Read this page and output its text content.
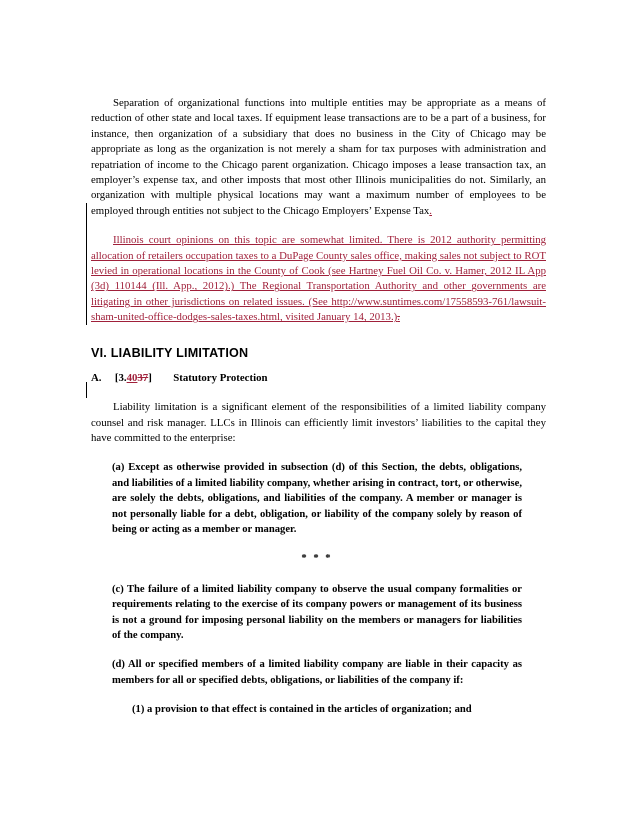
Separation of organizational functions into multiple entities may be appropriate as a means of reduction of other state and local taxes. If equipment lease transactions are to be a part of a business, for instance, then organization of a subsidiary that does no business in the City of Chicago may be appropriate as long as the organization is not merely a sham for tax purposes with administration and repatriation of income to the Chicago parent organization. Chicago imposes a lease transaction tax, an employer’s expense tax, and other imposts that most other Illinois municipalities do not. Similarly, an organization with multiple physical locations may want a maximum number of employees to be employed through entities not subject to the Chicago Employers’ Expense Tax.

Illinois court opinions on this topic are somewhat limited. There is 2012 authority permitting allocation of retailers occupation taxes to a DuPage County sales office, making sales not subject to ROT levied in operational locations in the County of Cook (see Hartney Fuel Oil Co. v. Hamer, 2012 IL App (3d) 110144 (Ill. App., 2012).) The Regional Transportation Authority and other governments are litigating in other jurisdictions on related issues. (See http://www.suntimes.com/17558593-761/lawsuit-sham-united-office-dodges-sales-taxes.html, visited January 14, 2013.).

VI. LIABILITY LIMITATION

A. [3.4037] Statutory Protection

Liability limitation is a significant element of the responsibilities of a limited liability company counsel and risk manager. LLCs in Illinois can efficiently limit investors’ liabilities to the capital they have committed to the enterprise:

(a) Except as otherwise provided in subsection (d) of this Section, the debts, obligations, and liabilities of a limited liability company, whether arising in contract, tort, or otherwise, are solely the debts, obligations, and liabilities of the company. A member or manager is not personally liable for a debt, obligation, or liability of the company solely by reason of being or acting as a member or manager.

* * *

(c) The failure of a limited liability company to observe the usual company formalities or requirements relating to the exercise of its company powers or management of its business is not a ground for imposing personal liability on the members or managers for liabilities of the company.

(d) All or specified members of a limited liability company are liable in their capacity as members for all or specified debts, obligations, or liabilities of the company if:

(1) a provision to that effect is contained in the articles of organization; and
